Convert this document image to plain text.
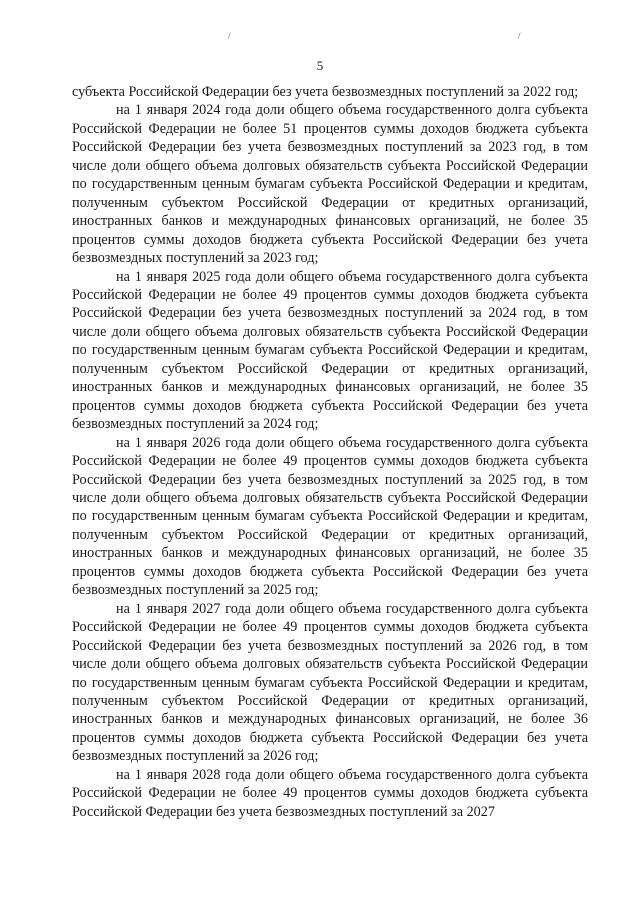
/	/
5

субъекта Российской Федерации без учета безвозмездных поступлений за 2022 год;

на 1 января 2024 года доли общего объема государственного долга субъекта Российской Федерации не более 51 процентов суммы доходов бюджета субъекта Российской Федерации без учета безвозмездных поступлений за 2023 год, в том числе доли общего объема долговых обязательств субъекта Российской Федерации по государственным ценным бумагам субъекта Российской Федерации и кредитам, полученным субъектом Российской Федерации от кредитных организаций, иностранных банков и международных финансовых организаций, не более 35 процентов суммы доходов бюджета субъекта Российской Федерации без учета безвозмездных поступлений за 2023 год;

на 1 января 2025 года доли общего объема государственного долга субъекта Российской Федерации не более 49 процентов суммы доходов бюджета субъекта Российской Федерации без учета безвозмездных поступлений за 2024 год, в том числе доли общего объема долговых обязательств субъекта Российской Федерации по государственным ценным бумагам субъекта Российской Федерации и кредитам, полученным субъектом Российской Федерации от кредитных организаций, иностранных банков и международных финансовых организаций, не более 35 процентов суммы доходов бюджета субъекта Российской Федерации без учета безвозмездных поступлений за 2024 год;

на 1 января 2026 года доли общего объема государственного долга субъекта Российской Федерации не более 49 процентов суммы доходов бюджета субъекта Российской Федерации без учета безвозмездных поступлений за 2025 год, в том числе доли общего объема долговых обязательств субъекта Российской Федерации по государственным ценным бумагам субъекта Российской Федерации и кредитам, полученным субъектом Российской Федерации от кредитных организаций, иностранных банков и международных финансовых организаций, не более 35 процентов суммы доходов бюджета субъекта Российской Федерации без учета безвозмездных поступлений за 2025 год;

на 1 января 2027 года доли общего объема государственного долга субъекта Российской Федерации не более 49 процентов суммы доходов бюджета субъекта Российской Федерации без учета безвозмездных поступлений за 2026 год, в том числе доли общего объема долговых обязательств субъекта Российской Федерации по государственным ценным бумагам субъекта Российской Федерации и кредитам, полученным субъектом Российской Федерации от кредитных организаций, иностранных банков и международных финансовых организаций, не более 36 процентов суммы доходов бюджета субъекта Российской Федерации без учета безвозмездных поступлений за 2026 год;

на 1 января 2028 года доли общего объема государственного долга субъекта Российской Федерации не более 49 процентов суммы доходов бюджета субъекта Российской Федерации без учета безвозмездных поступлений за 2027
